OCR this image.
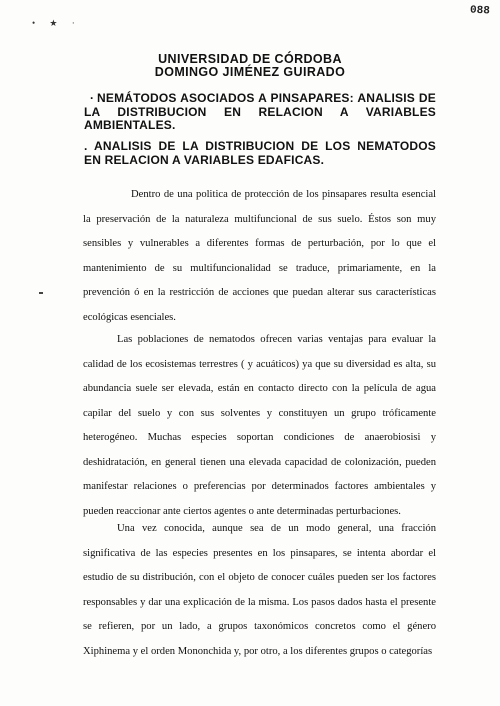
088
• ★ ·
UNIVERSIDAD DE CÓRDOBA
DOMINGO JIMÉNEZ GUIRADO
· NEMÁTODOS ASOCIADOS A PINSAPARES: ANALISIS DE LA DISTRIBUCION EN RELACION A VARIABLES AMBIENTALES.
. ANALISIS DE LA DISTRIBUCION DE LOS NEMATODOS EN RELACION A VARIABLES EDAFICAS.

Dentro de una politica de protección de los pinsapares resulta esencial la preservación de la naturaleza multifuncional de sus suelo. Éstos son muy sensibles y vulnerables a diferentes formas de perturbación, por lo que el mantenimiento de su multifuncionalidad se traduce, primariamente, en la prevención ó en la restricción de acciones que puedan alterar sus características ecológicas esenciales.

Las poblaciones de nematodos ofrecen varias ventajas para evaluar la calidad de los ecosistemas terrestres ( y acuáticos) ya que su diversidad es alta, su abundancia suele ser elevada, están en contacto directo con la película de agua capilar del suelo y con sus solventes y constituyen un grupo tróficamente heterogéneo. Muchas especies soportan condiciones de anaerobiosisi y deshidratación, en general tienen una elevada capacidad de colonización, pueden manifestar relaciones o preferencias por determinados factores ambientales y pueden reaccionar ante ciertos agentes o ante determinadas perturbaciones.

Una vez conocida, aunque sea de un modo general, una fracción significativa de las especies presentes en los pinsapares, se intenta abordar el estudio de su distribución, con el objeto de conocer cuáles pueden ser los factores responsables y dar una explicación de la misma. Los pasos dados hasta el presente se refieren, por un lado, a grupos taxonómicos concretos como el género Xiphinema y el orden Mononchida y, por otro, a los diferentes grupos o categorías
